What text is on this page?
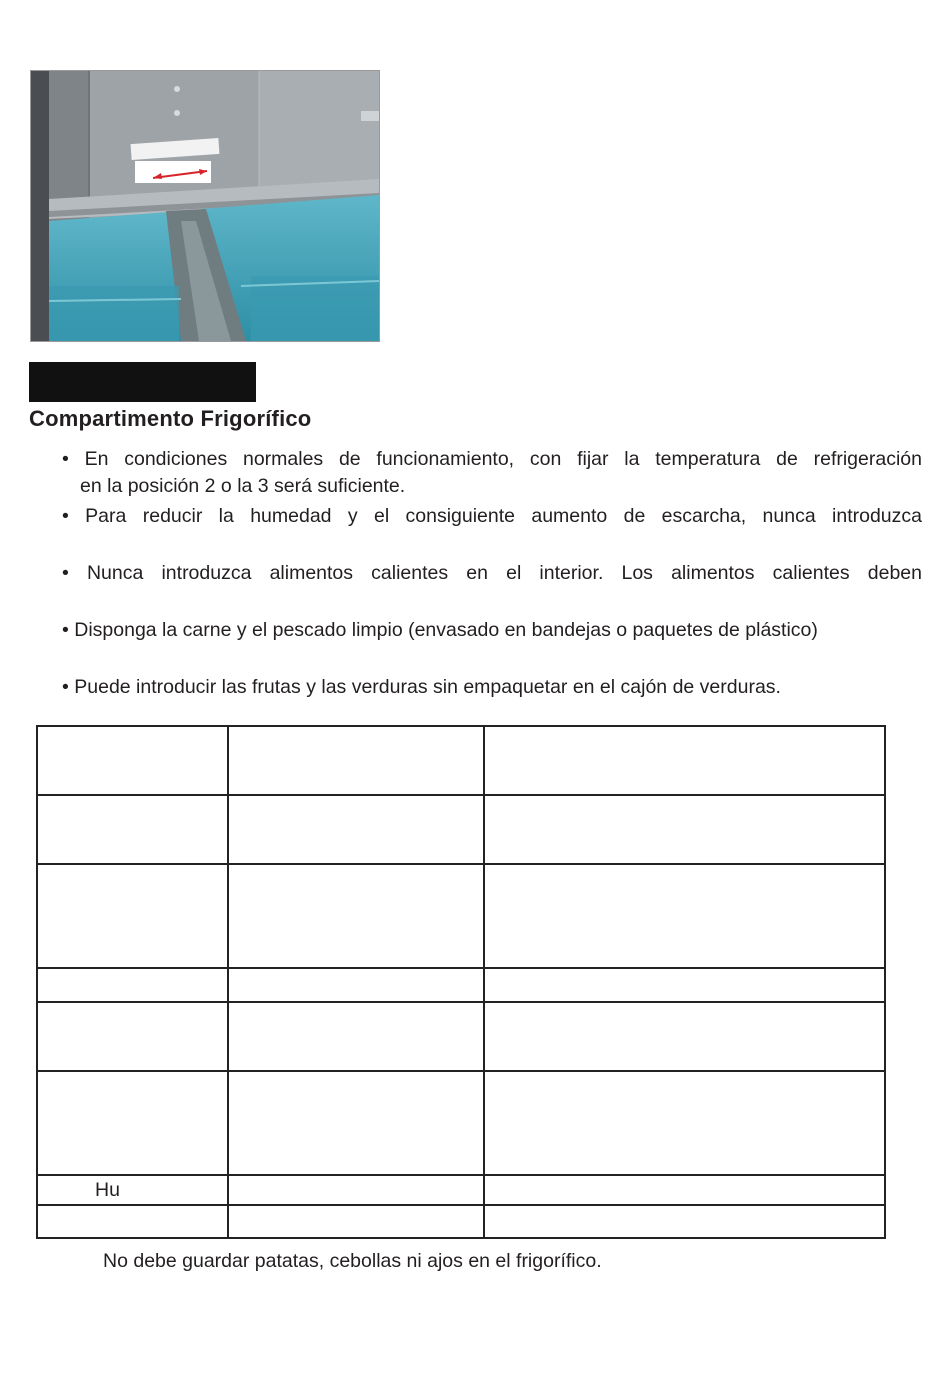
Compartimento Frigorífico
• En condiciones normales de funcionamiento, con fijar la temperatura de refrigeración
en la posición 2 o la 3 será suficiente.
• Para reducir la humedad y el consiguiente aumento de escarcha, nunca introduzca
• Nunca introduzca alimentos calientes en el interior. Los alimentos calientes deben
• Disponga la carne y el pescado limpio (envasado en bandejas o paquetes de plástico)
• Puede introducir las frutas y las verduras sin empaquetar en el cajón de verduras.

Hu		

No debe guardar patatas, cebollas ni ajos en el frigorífico.
